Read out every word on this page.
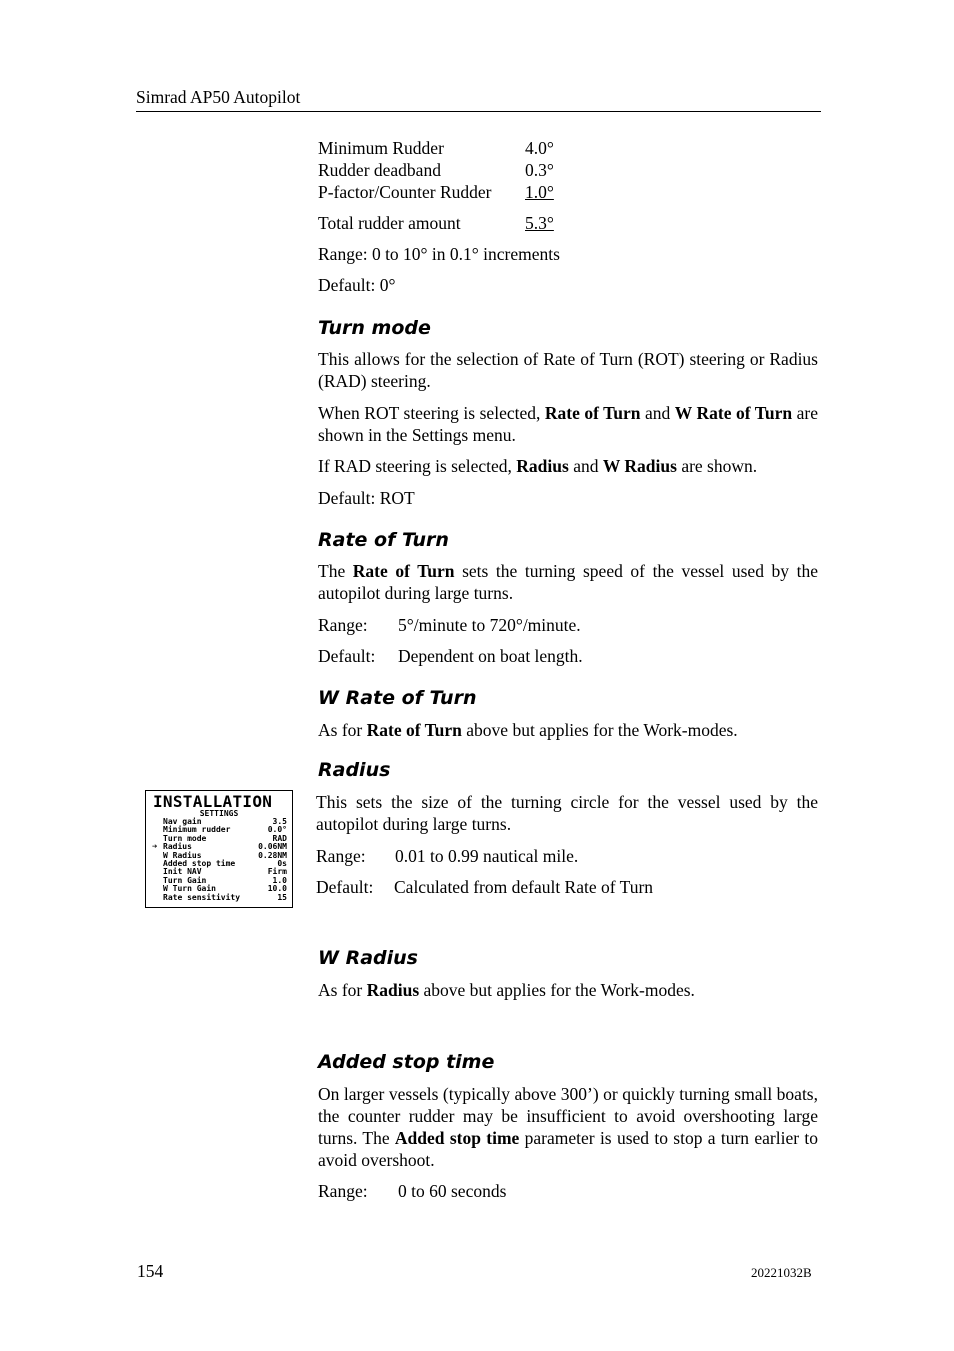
Simrad AP50 Autopilot
Minimum Rudder	4.0°
Rudder deadband	0.3°
P-factor/Counter Rudder	1.0°
Total rudder amount	5.3°

Range: 0 to 10° in 0.1° increments

Default: 0°

Turn mode

This allows for the selection of Rate of Turn (ROT) steering or Radius (RAD) steering.

When ROT steering is selected, Rate of Turn and W Rate of Turn are shown in the Settings menu.

If RAD steering is selected, Radius and W Radius are shown.

Default: ROT

Rate of Turn

The Rate of Turn sets the turning speed of the vessel used by the autopilot during large turns.

Range: 5°/minute to 720°/minute.

Default: Dependent on boat length.

W Rate of Turn

As for Rate of Turn above but applies for the Work-modes.

Radius

This sets the size of the turning circle for the vessel used by the autopilot during large turns.

Range: 0.01 to 0.99 nautical mile.

Default: Calculated from default Rate of Turn

INSTALLATION
SETTINGS
Nav gain	3.5
Minimum rudder	0.0°
Turn mode	RAD
➔ Radius	0.06NM
W Radius	0.28NM
Added stop time	0s
Init NAV	Firm
Turn Gain	1.0
W Turn Gain	10.0
Rate sensitivity	15

W Radius

As for Radius above but applies for the Work-modes.

Added stop time

On larger vessels (typically above 300’) or quickly turning small boats, the counter rudder may be insufficient to avoid overshooting large turns. The Added stop time parameter is used to stop a turn earlier to avoid overshoot.

Range: 0 to 60 seconds

154	20221032B
